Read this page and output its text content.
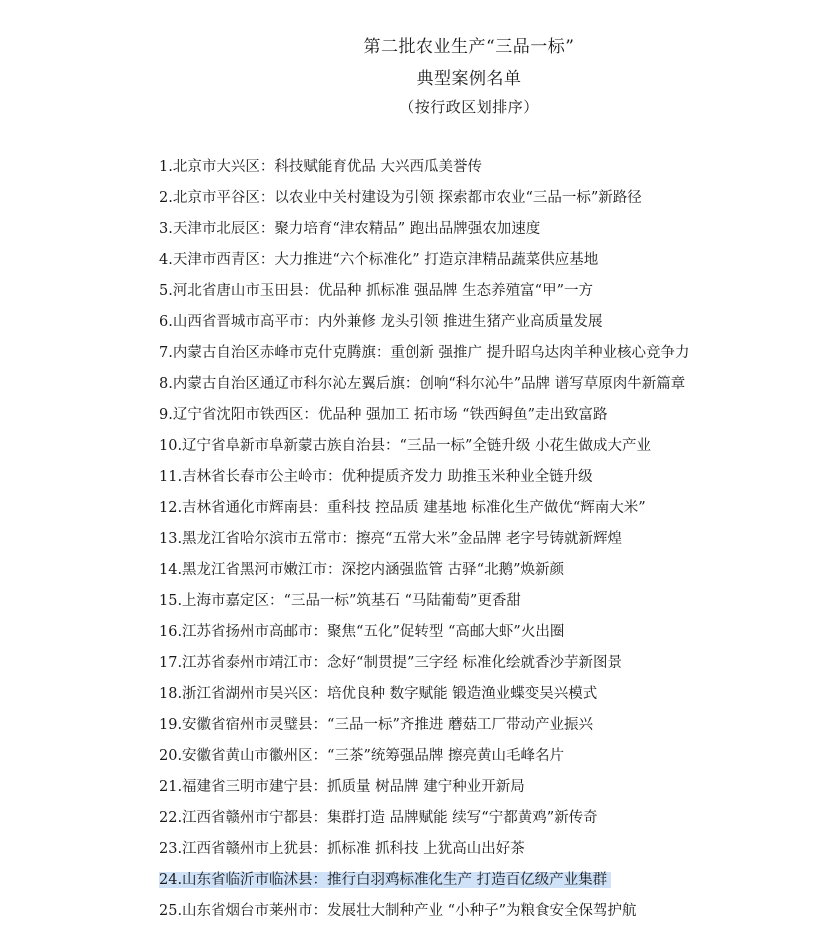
第二批农业生产“三品一标”
典型案例名单
（按行政区划排序）
1.北京市大兴区：科技赋能育优品 大兴西瓜美誉传
2.北京市平谷区：以农业中关村建设为引领 探索都市农业“三品一标”新路径
3.天津市北辰区：聚力培育“津农精品” 跑出品牌强农加速度
4.天津市西青区：大力推进“六个标准化” 打造京津精品蔬菜供应基地
5.河北省唐山市玉田县：优品种 抓标准 强品牌 生态养殖富“甲”一方
6.山西省晋城市高平市：内外兼修 龙头引领 推进生猪产业高质量发展
7.内蒙古自治区赤峰市克什克腾旗：重创新 强推广 提升昭乌达肉羊种业核心竞争力
8.内蒙古自治区通辽市科尔沁左翼后旗：创响“科尔沁牛”品牌 谱写草原肉牛新篇章
9.辽宁省沈阳市铁西区：优品种 强加工 拓市场 “铁西鲟鱼”走出致富路
10.辽宁省阜新市阜新蒙古族自治县：“三品一标”全链升级 小花生做成大产业
11.吉林省长春市公主岭市：优种提质齐发力 助推玉米种业全链升级
12.吉林省通化市辉南县：重科技 控品质 建基地 标准化生产做优“辉南大米”
13.黑龙江省哈尔滨市五常市：擦亮“五常大米”金品牌 老字号铸就新辉煌
14.黑龙江省黑河市嫩江市：深挖内涵强监管 古驿“北鹅”焕新颜
15.上海市嘉定区：“三品一标”筑基石 “马陆葡萄”更香甜
16.江苏省扬州市高邮市：聚焦“五化”促转型 “高邮大虾”火出圈
17.江苏省泰州市靖江市：念好“制贯提”三字经 标准化绘就香沙芋新图景
18.浙江省湖州市吴兴区：培优良种 数字赋能 锻造渔业蝶变吴兴模式
19.安徽省宿州市灵璧县：“三品一标”齐推进 蘑菇工厂带动产业振兴
20.安徽省黄山市徽州区：“三茶”统筹强品牌 擦亮黄山毛峰名片
21.福建省三明市建宁县：抓质量 树品牌 建宁种业开新局
22.江西省赣州市宁都县：集群打造 品牌赋能 续写“宁都黄鸡”新传奇
23.江西省赣州市上犹县：抓标准 抓科技 上犹高山出好茶
24.山东省临沂市临沭县：推行白羽鸡标准化生产 打造百亿级产业集群
25.山东省烟台市莱州市：发展壮大制种产业 “小种子”为粮食安全保驾护航
